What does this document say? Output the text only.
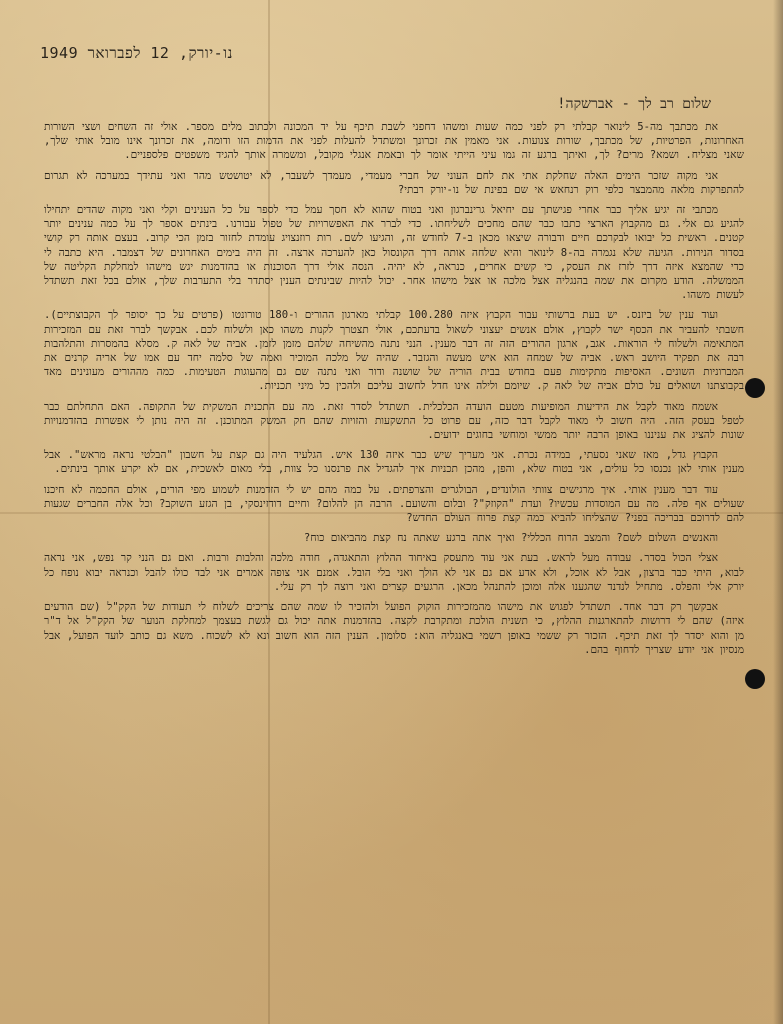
נו-יורק, 12 לפברואר 1949
שלום רב לך - אברשקה!

את מכתבך מה-5 לינואר קבלתי רק לפני כמה שעות ומשהו דחפני לשבת תיכף על יד המכונה ולכתוב מלים מספר. אולי זה השחים ושצי השורות האחרונות, הפרטיות, של מכתבך, שורות צנועות. אני מאמין את זכרונך ומשתדל להעלות לפני את הדמות הזו ודומה, את זכרונך אינו מובל אותי שלך, שאני מצליח. ושמא? מרים? לך, ואיתך ברגע זה גמו עיני הייתי אומר לך ובאמת אנגלי מקובל, ומשמרה אותך להגיד משפטים פלספניים.

אני מקוה שזכר הימים האלה שחלקת אתי את לחם העוני של חברי מעמדי, מעמדך לשעבר, לא יטושטש מהר ואני עתידך במערכה לא תגרום להתפרקות מלאה מהמבצר כלפי רוק רנחאש אי שם בפינת של נו-יורק רבתי?

מכתבי זה יגיע אליך כבר אחרי פגישתך עם יחיאל גרינברגון ואני בטוח שהוא לא חסך עמל כדי לספר על כל הענינים וקלי ואני מקוה שהדים יתחילו להגיע גם אלי. גם מהקבוץ הארצי כתבו כבר שהם מחכים לשליחתו. כדי לברר את האפשרויות של טפול עבורנו. בינתים אספר לך על כמה ענינים יותר קטנים. ראשית כל יבואו לבקרכם חיים ודבורה שיצאו מכאן ב-7 לחודש זה, והגיעו לשם. רות רוזנצויג עומדת לחזור בזמן הכי קרוב. בעצם אותה רק קושי בסדור הנירות. הגיעה שלא נגמרה בה-8 לינואר והיא שלחה אותה דרך הקונסול כאן להערכה ארצה. זה היה בימים האחרונים של דצמבר. היא כתבה לי כדי שהמצא איזה דרך לזרז את העסק, כי קשים אחרים, כנראה, לא יהיה. הנסה אולי דרך הסוכנות או בהזדמנות יגש מישהו למחלקת הקליטה של הממשלה. הודע מקרום את שמה בהנגליה אצל מלכה או אצל מישהו אחר. יכול להיות שבינתים הענין יסתדר בלי התערבות שלך, אולם בכל זאת תשתדל לעשות משהו.

ועוד ענין של ביזנס. יש בעת ברשותי עבור הקבוץ איזה 100.280 קבלתי מארגון ההורים ו-180 טורונטו (פרטים על כך יסופר לך הקבוצתיים). חשבתי להעביר את הכסף ישר לקבוץ, אולם אנשים יעצוני לשאול בדעתכם, אולי תצטרך לקנות משהו כאן ולשלוח לכם. אבקשך לברר זאת עם המזכירות המתאימה ולשלוח לי הוראות. אגב, ארגון ההורים הזה זה דבר מענין. הנני נתנה מהשיחה שלהם מזמן לזמן. אביה של לאה ק. מסלא בהמסרות והתלהבות רבה את תפקיד היושב ראש. אביה של שמחה הוא איש מעשה והגזבר. שהיה של מלכה המוכיר ואמה של סלמה יחד עם אמו של אריה קרנים את המברוניות השונים. האסיפות מתקימות פעם בחודש בבית הוריה של שושנה ודור ואני נתנה שם גם מהעוגות הטעימות. כמה מההורים מעונינים מאד בקבוצתנו ושואלים על כולם אביה של לאה ק. שיומם ולילה אינו חדל לחשוב עליכם ולהכין כל מיני תכניות.

אשמח מאוד לקבל את הידיעות המופיעות מטעם הועדה הכלכלית. תשתדל לסדר זאת. מה עם התכנית המשקית של התקופה. האם התחלתם כבר לטפל בעסק הזה. היה חשוב לי מאוד לקבל דבר כזה, עם פרוט כל התשקעות והזויות שהם חק המשק המתוכנן. זה היה נותן לי אפשרות בהזדמנויות שונות להציג את עניננו באופן הרבה יותר ממשי ומוחשי בחוגים ידועים.

הקבוץ גדל, מאז שאני נסעתי, במידה נכרת. אני מעריך שיש כבר איזה 130 איש. הגלעיד היה גם קצת על חשבון "הבלטי נראה מראש". אבל מענין אותי לאן נכנסו כל עולים, אני בטוח שלא, והפן, מהכן תכניות איך להגדיל את פרנסנו כל צוות, בלי מאום לאשכית, אם לא יקרע אותך בינתים.

עוד דבר מענין אותי. איך מרגישים צוותי הולונדים, הבולגרים והצרפתים. על כמה מהם יש לי הזדמנות לשמוע מפי הורים, אולם החכמה לא חיכנו שעולים אף פלה. מה עם המוסדות עכשיו? ועדת "הקוזק"? ובלום והשועם. הרבה הן להלום? וחיים דודזינסקי, בן הגזע השוקב? וכל אלה החברים שגעות להם לדרוכם בבריכה בפני? שהצליחו להביא כמה קצת פרוח העולם החדש?

והאנשים השלום לשם? והמצב הרוח הכללי? ואיך אתה ברגע שאתה נח קצת מהביאום כוח?

אצלי הכול בסדר. עבודה מעל לראש. בעת אני עוד מתעסק באיחוד ההלוץ והתאגדה, חודה מלכה והלבות ורבות. ואם גם הנני קר נפש, אני נראה לבוא, היתי כבר ברצון, אבל לא אוכל, ולא אדע אם גם אני לא הולך ואני בלי הובל. אמנם אני צופה אמרים אני לבד כולו להבל וכנראה יבוא נופח כל יורק אלי והפלס. מתחיל לנדנד שהגענו אלה ומוכן להתנהל מכאן. הרגעים קצרים ואני רוצה לך רק עלי.

אבקשך רק דבר אחד. תשתדל לפגוש את מישהו מהמזכירות הוקוק הפועל ולהזכיר לו שמה שהם צריכים לשלוח לי תעודות של הקק"ל (שם הודעים איזה) שהם לי דרושות להתארגנות ההלוץ, כי תשנית הולכת ומתקרבת לקצה. בהזדמנות אתה יכול גם לגשת בעצמך למחלקת הנוער של הקק"ל אל ד"ר מן והוא יסדר לך זאת תיכף. הזכור רק ששמי באופן רשמי באנגליה הוא: סלומון. הענין הזה הוא חשוב ונא לא לשכוח. משא גם כותב לועד הפועל, אבל מנסיון אני יודע שצריך לדחוף בהם.
